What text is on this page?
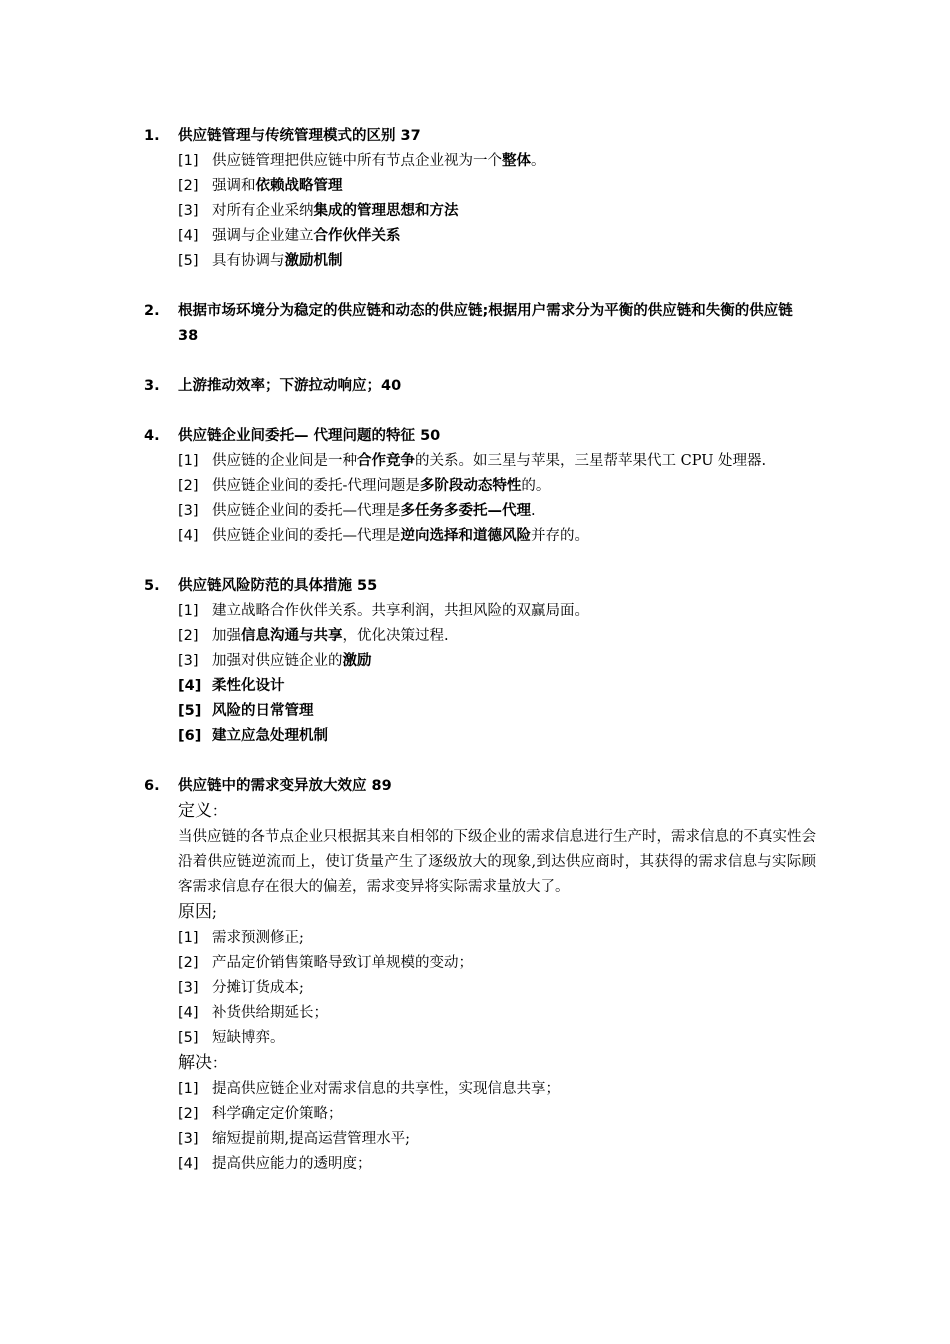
1.	供应链管理与传统管理模式的区别 37
[1] 供应链管理把供应链中所有节点企业视为一个整体。
[2] 强调和依赖战略管理
[3] 对所有企业采纳集成的管理思想和方法
[4] 强调与企业建立合作伙伴关系
[5] 具有协调与激励机制
2.	根据市场环境分为稳定的供应链和动态的供应链;根据用户需求分为平衡的供应链和失衡的供应链 38
3.	上游推动效率；下游拉动响应；40
4.	供应链企业间委托— 代理问题的特征 50
[1] 供应链的企业间是一种合作竞争的关系。如三星与苹果，三星帮苹果代工 CPU 处理器.
[2] 供应链企业间的委托-代理问题是多阶段动态特性的。
[3] 供应链企业间的委托—代理是多任务多委托—代理.
[4] 供应链企业间的委托—代理是逆向选择和道德风险并存的。
5.	供应链风险防范的具体措施 55
[1] 建立战略合作伙伴关系。共享利润，共担风险的双赢局面。
[2] 加强信息沟通与共享，优化决策过程.
[3] 加强对供应链企业的激励
[4] 柔性化设计
[5] 风险的日常管理
[6] 建立应急处理机制
6.	供应链中的需求变异放大效应 89
定义：
当供应链的各节点企业只根据其来自相邻的下级企业的需求信息进行生产时，需求信息的不真实性会沿着供应链逆流而上，使订货量产生了逐级放大的现象,到达供应商时，其获得的需求信息与实际顾客需求信息存在很大的偏差，需求变异将实际需求量放大了。
原因;
[1] 需求预测修正;
[2] 产品定价销售策略导致订单规模的变动；
[3] 分摊订货成本;
[4] 补货供给期延长；
[5] 短缺博弈。
解决：
[1] 提高供应链企业对需求信息的共享性，实现信息共享；
[2] 科学确定定价策略；
[3] 缩短提前期,提高运营管理水平;
[4] 提高供应能力的透明度；
